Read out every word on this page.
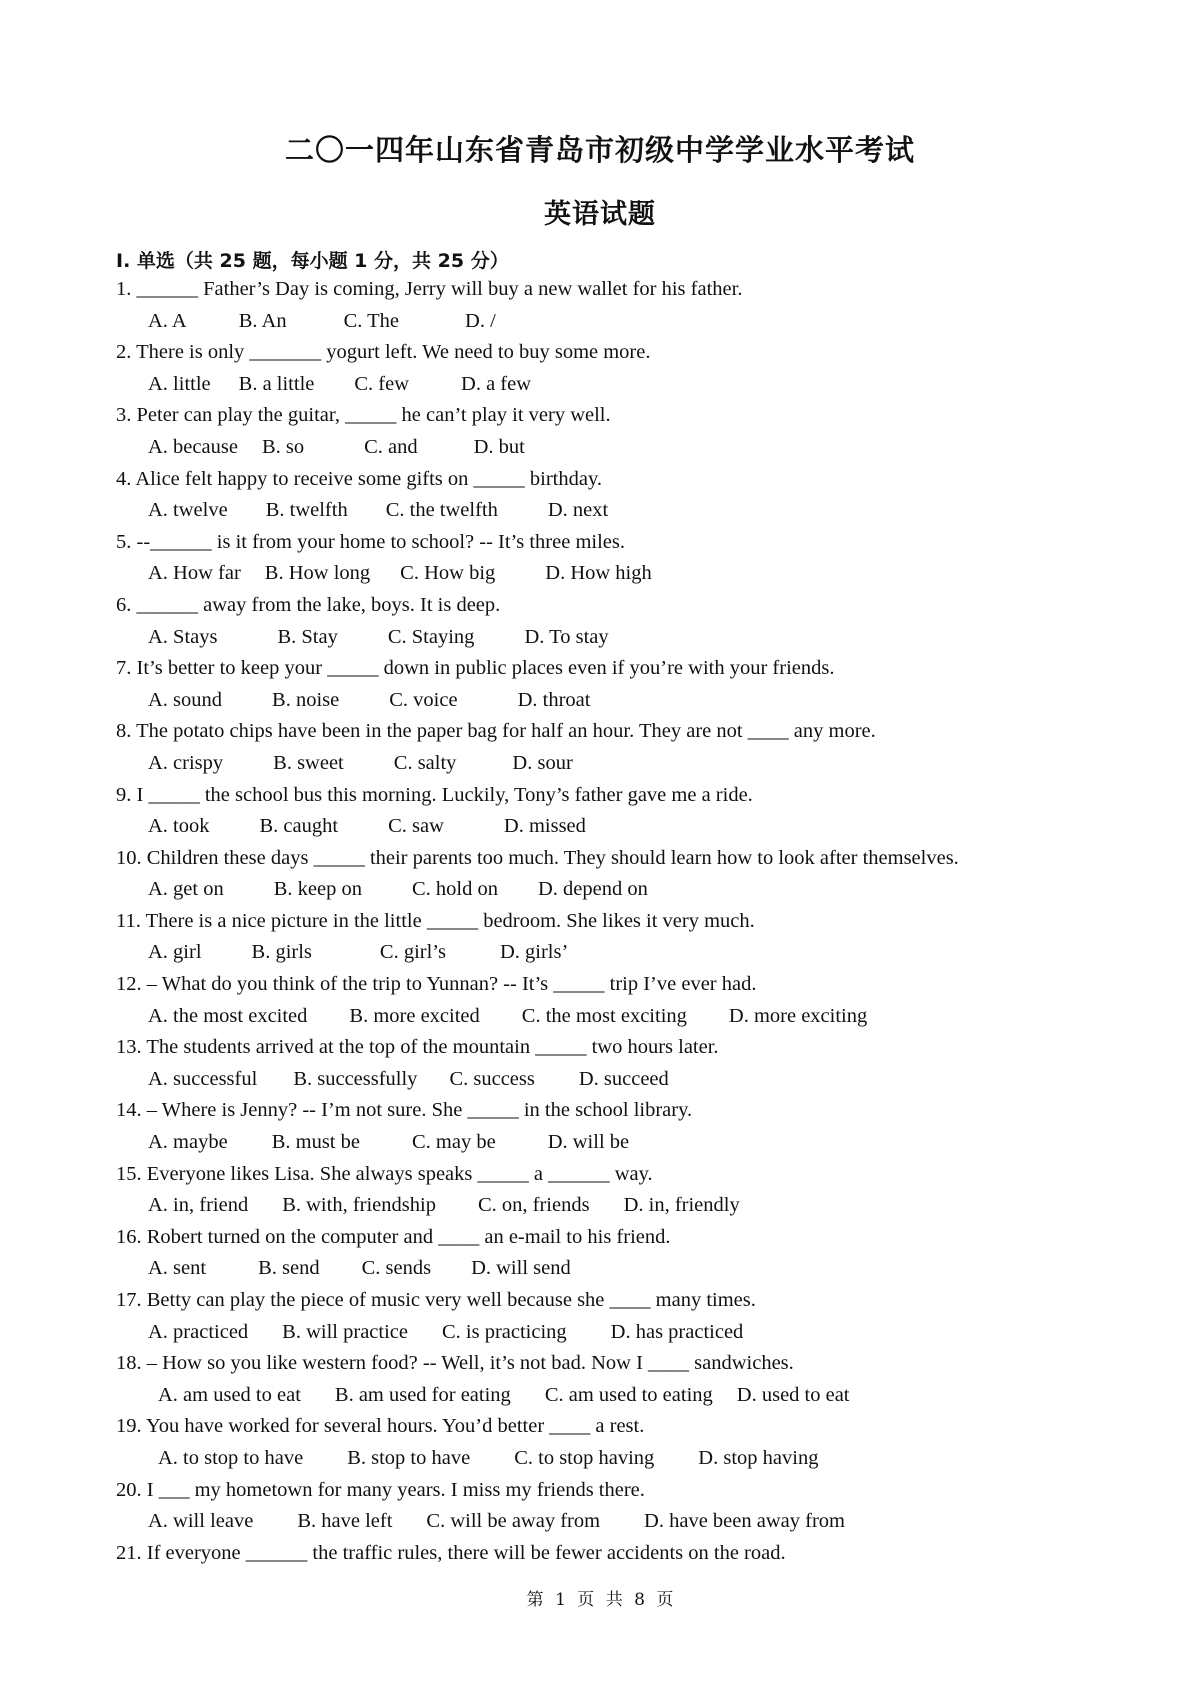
二〇一四年山东省青岛市初级中学学业水平考试
英语试题
I. 单选（共 25 题，每小题 1 分，共 25 分）
1. ______ Father’s Day is coming, Jerry will buy a new wallet for his father.
A. A	B. An	C. The	D. /
2. There is only _______ yogurt left. We need to buy some more.
A. little B. a little C. few	D. a few
3. Peter can play the guitar, _____ he can’t play it very well.
A. because B. so	C. and	D. but
4. Alice felt happy to receive some gifts on _____ birthday.
A. twelve B. twelfth C. the twelfth D. next
5. --______ is it from your home to school? -- It’s three miles.
A. How far B. How long C. How big D. How high
6. ______ away from the lake, boys. It is deep.
A. Stays	B. Stay C. Staying D. To stay
7. It’s better to keep your _____ down in public places even if you’re with your friends.
A. sound B. noise C. voice	D. throat
8. The potato chips have been in the paper bag for half an hour. They are not ____ any more.
A. crispy B. sweet C. salty	D. sour
9. I _____ the school bus this morning. Luckily, Tony’s father gave me a ride.
A. took B. caught C. saw	D. missed
10. Children these days _____ their parents too much. They should learn how to look after themselves.
A. get on B. keep on C. hold on D. depend on
11. There is a nice picture in the little _____ bedroom. She likes it very much.
A. girl B. girls	C. girl’s	D. girls’
12. – What do you think of the trip to Yunnan? -- It’s _____ trip I’ve ever had.
A. the most excited B. more excited C. the most exciting D. more exciting
13. The students arrived at the top of the mountain _____ two hours later.
A. successful B. successfully C. success D. succeed
14. – Where is Jenny? -- I’m not sure. She _____ in the school library.
A. maybe B. must be	C. may be	D. will be
15. Everyone likes Lisa. She always speaks _____ a ______ way.
A. in, friend B. with, friendship C. on, friends D. in, friendly
16. Robert turned on the computer and ____ an e-mail to his friend.
A. sent	B. send C. sends D. will send
17. Betty can play the piece of music very well because she ____ many times.
A. practiced B. will practice C. is practicing D. has practiced
18. – How so you like western food? -- Well, it’s not bad. Now I ____ sandwiches.
A. am used to eat B. am used for eating C. am used to eating D. used to eat
19. You have worked for several hours. You’d better ____ a rest.
A. to stop to have B. stop to have C. to stop having D. stop having
20. I ___ my hometown for many years. I miss my friends there.
A. will leave B. have left C. will be away from D. have been away from
21. If everyone ______ the traffic rules, there will be fewer accidents on the road.
第 1 页 共 8 页
